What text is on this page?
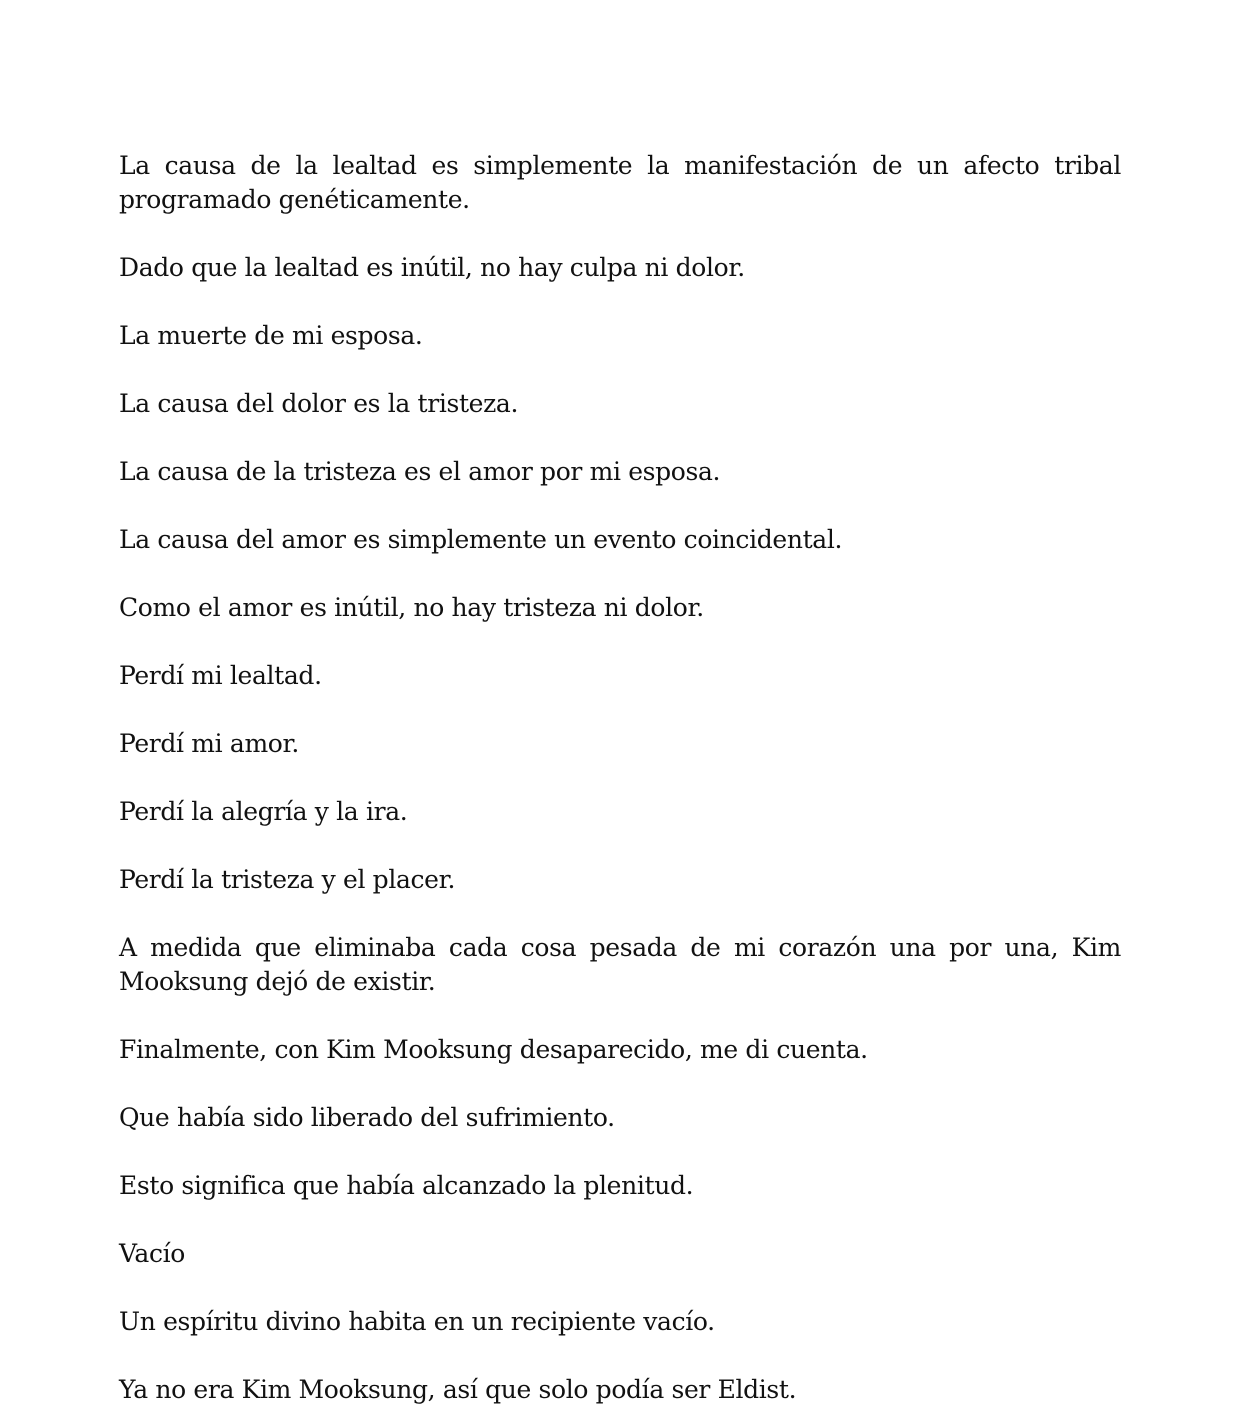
La causa de la lealtad es simplemente la manifestación de un afecto tribal programado genéticamente.

Dado que la lealtad es inútil, no hay culpa ni dolor.

La muerte de mi esposa.

La causa del dolor es la tristeza.

La causa de la tristeza es el amor por mi esposa.

La causa del amor es simplemente un evento coincidental.

Como el amor es inútil, no hay tristeza ni dolor.

Perdí mi lealtad.

Perdí mi amor.

Perdí la alegría y la ira.

Perdí la tristeza y el placer.

A medida que eliminaba cada cosa pesada de mi corazón una por una, Kim Mooksung dejó de existir.

Finalmente, con Kim Mooksung desaparecido, me di cuenta.

Que había sido liberado del sufrimiento.

Esto significa que había alcanzado la plenitud.

Vacío

Un espíritu divino habita en un recipiente vacío.

Ya no era Kim Mooksung, así que solo podía ser Eldist.
